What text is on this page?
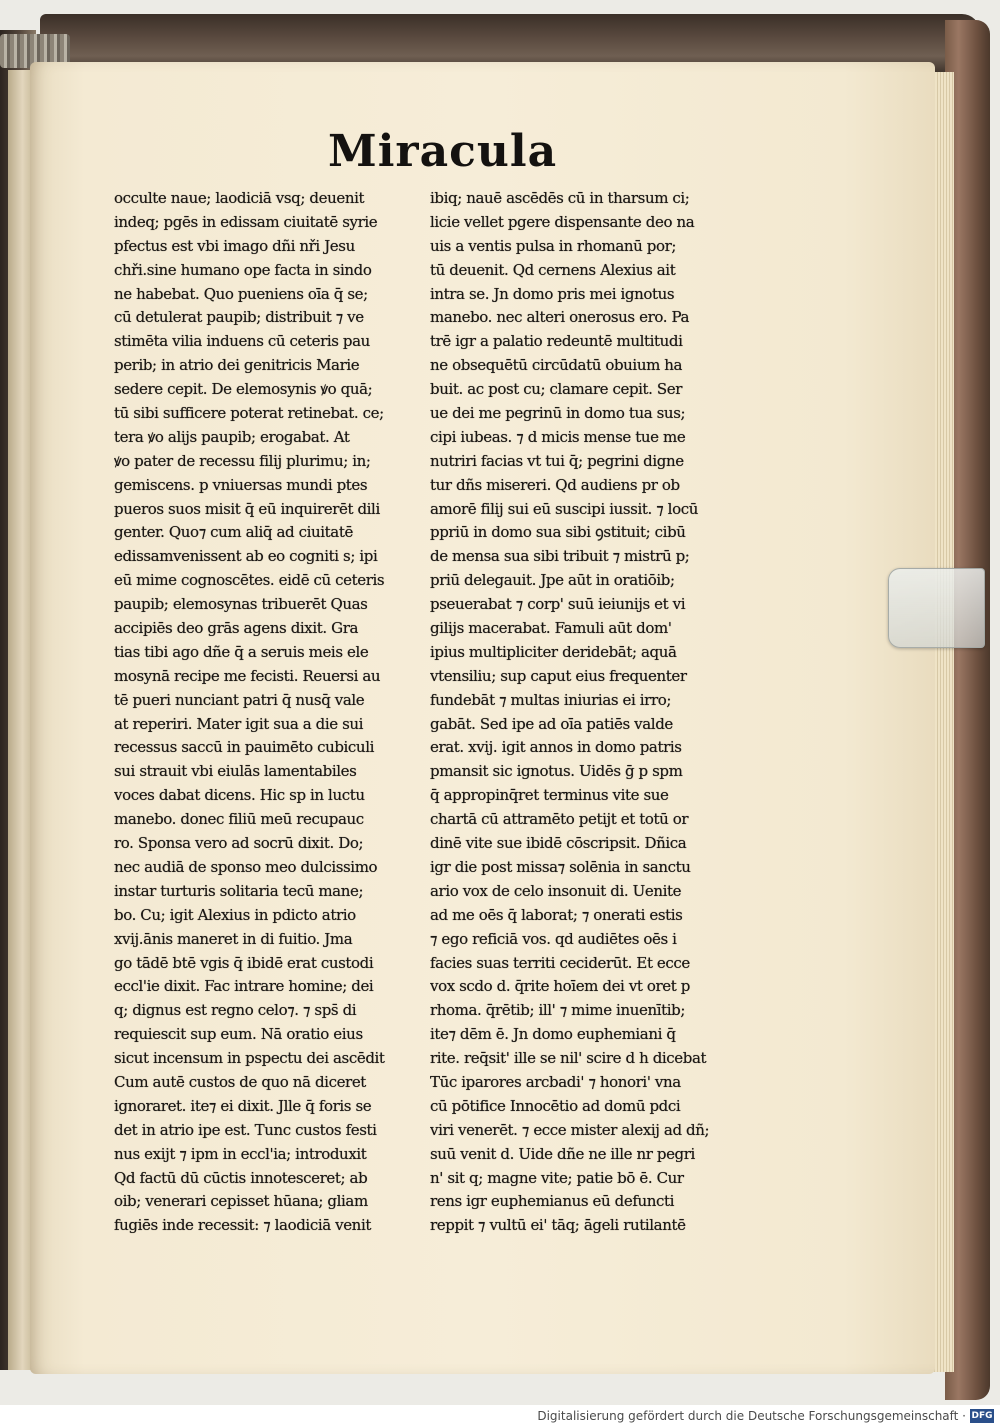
Miracula
occulte naue; laodiciā vsq; deuenit
indeq; pgēs in edissam ciuitatē syrie
pfectus est vbi imago dñi nři Jesu
chři.sine humano ope facta in sindo
ne habebat. Quo pueniens oīa q̄ se;
cū detulerat paupib; distribuit ⁊ ve
stimēta vilia induens cū ceteris pau
perib; in atrio dei genitricis Marie
sedere cepit. De elemosynis ꝟo quā;
tū sibi sufficere poterat retinebat. ce;
tera ꝟo alijs paupib; erogabat. At
ꝟo pater de recessu filij plurimu; in;
gemiscens. p vniuersas mundi ptes
pueros suos misit q̄ eū inquirerēt dili
genter. Quo⁊ cum aliq̄ ad ciuitatē
edissamvenissent ab eo cogniti s; ipi
eū mime cognoscētes. eidē cū ceteris
paupib; elemosynas tribuerēt Quas
accipiēs deo grās agens dixit. Gra
tias tibi ago dñe q̄ a seruis meis ele
mosynā recipe me fecisti. Reuersi au
tē pueri nunciant patri q̄ nusq̄ vale
at reperiri. Mater igit sua a die sui
recessus saccū in pauimēto cubiculi
sui strauit vbi eiulās lamentabiles
voces dabat dicens. Hic sp in luctu
manebo. donec filiū meū recupauc
ro. Sponsa vero ad socrū dixit. Do;
nec audiā de sponso meo dulcissimo
instar turturis solitaria tecū mane;
bo. Cu; igit Alexius in pdicto atrio
xvij.ānis maneret in di fuitio. Jma
go tādē btē vgis q̄ ibidē erat custodi
eccl'ie dixit. Fac intrare homine; dei
q; dignus est regno celo⁊. ⁊ sps̄ di
requiescit sup eum. Nā oratio eius
sicut incensum in pspectu dei ascēdit
Cum autē custos de quo nā diceret
ignoraret. ite⁊ ei dixit. Jlle q̄ foris se
det in atrio ipe est. Tunc custos festi
nus exijt ⁊ ipm in eccl'ia; introduxit
Qd factū dū cūctis innotesceret; ab
oib; venerari cepisset hūana; gliam
fugiēs inde recessit: ⁊ laodiciā venit
ibiq; nauē ascēdēs cū in tharsum ci;
licie vellet pgere dispensante deo na
uis a ventis pulsa in rhomanū por;
tū deuenit. Qd cernens Alexius ait
intra se. Jn domo pris mei ignotus
manebo. nec alteri onerosus ero. Pa
trē igr a palatio redeuntē multitudi
ne obsequētū circūdatū obuium ha
buit. ac post cu; clamare cepit. Ser
ue dei me pegrinū in domo tua sus;
cipi iubeas. ⁊ d micis mense tue me
nutriri facias vt tui q̄; pegrini digne
tur dñs misereri. Qd audiens pr ob
amorē filij sui eū suscipi iussit. ⁊ locū
ppriū in domo sua sibi ꝯstituit; cibū
de mensa sua sibi tribuit ⁊ mistrū p;
priū delegauit. Jpe aūt in oratiōib;
pseuerabat ⁊ corp' suū ieiunijs et vi
gilijs macerabat. Famuli aūt dom'
ipius multipliciter deridebāt; aquā
vtensiliu; sup caput eius frequenter
fundebāt ⁊ multas iniurias ei irro;
gabāt. Sed ipe ad oīa patiēs valde
erat. xvij. igit annos in domo patris
pmansit sic ignotus. Uidēs ḡ p spm
q̄ appropinq̄ret terminus vite sue
chartā cū attramēto petijt et totū or
dinē vite sue ibidē cōscripsit. Dñica
igr die post missa⁊ solēnia in sanctu
ario vox de celo insonuit di. Uenite
ad me oēs q̄ laborat; ⁊ onerati estis
⁊ ego reficiā vos. qd audiētes oēs i
facies suas territi ceciderūt. Et ecce
vox scdo d. q̄rite hoīem dei vt oret p
rhoma. q̄rētib; ill' ⁊ mime inuenītib;
ite⁊ dēm ē. Jn domo euphemiani q̄
rite. req̄sit' ille se nil' scire d h dicebat
Tūc iparores arcbadi' ⁊ honori' vna
cū pōtifice Innocētio ad domū pdci
viri venerēt. ⁊ ecce mister alexij ad dñ;
suū venit d. Uide dñe ne ille nr pegri
n' sit q; magne vite; patie bō ē. Cur
rens igr euphemianus eū defuncti
reppit ⁊ vultū ei' tāq; āgeli rutilantē
Digitalisierung gefördert durch die Deutsche Forschungsgemeinschaft · DFG
